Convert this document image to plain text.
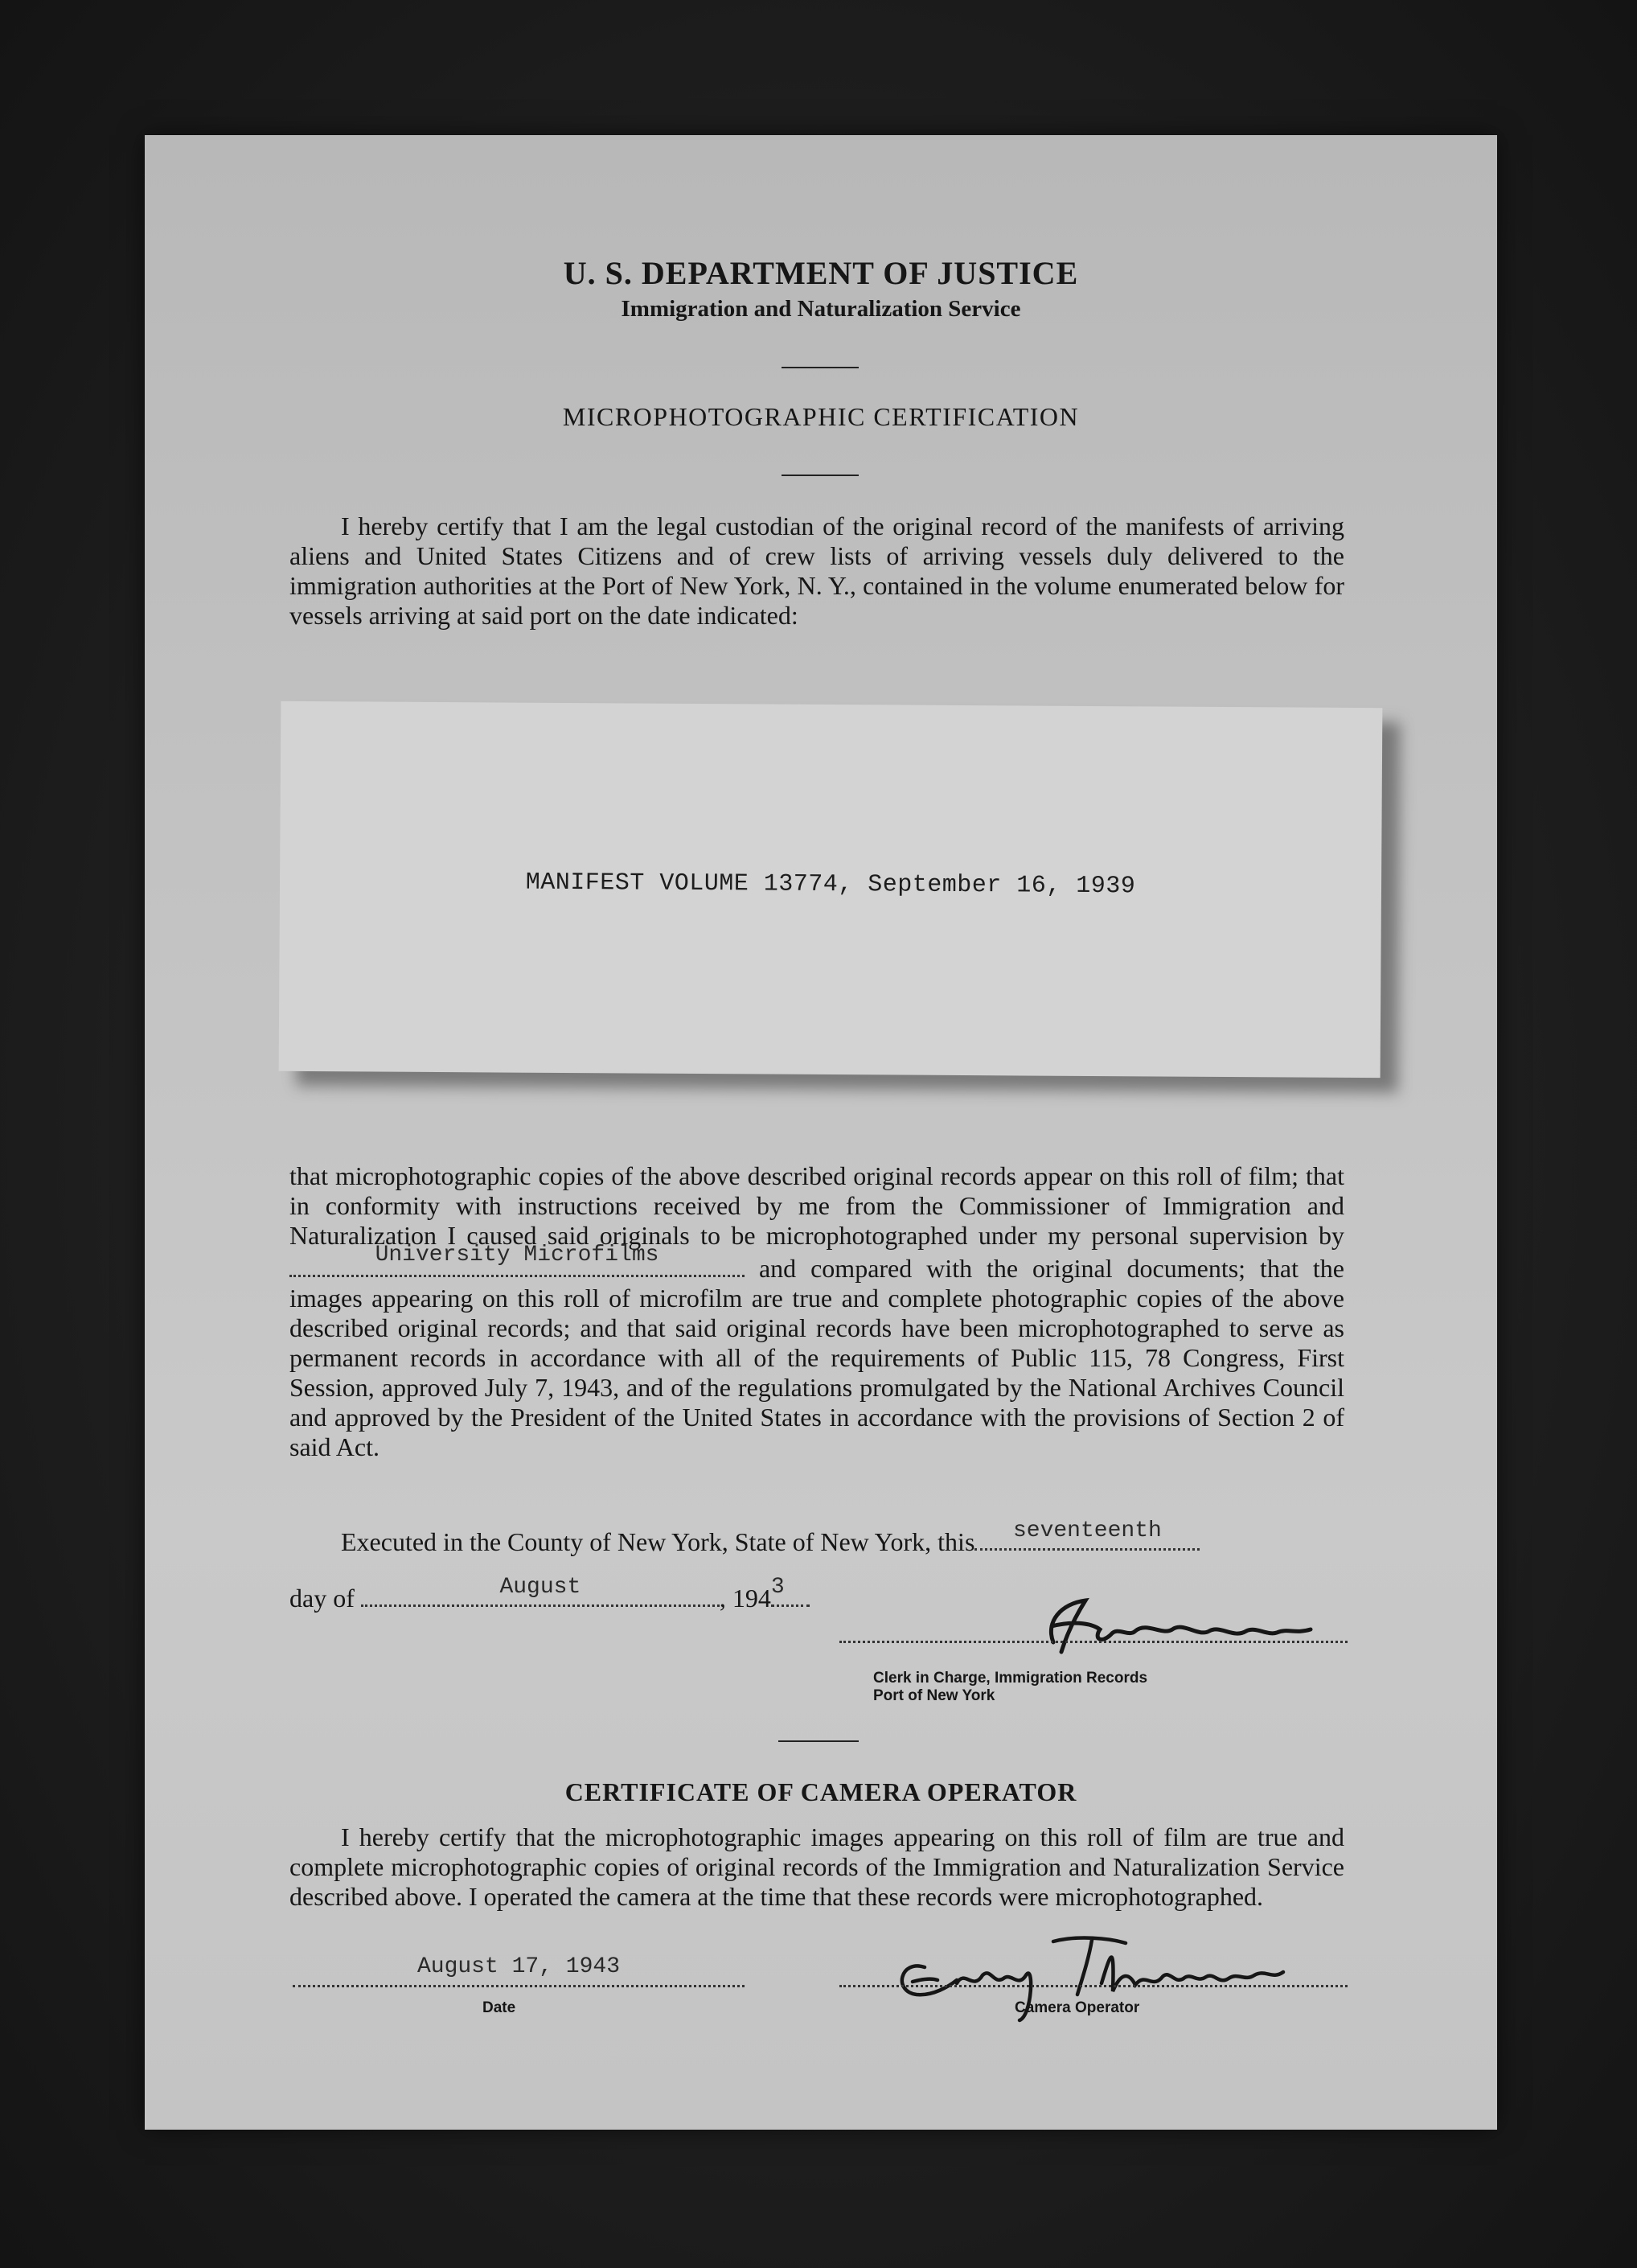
U. S. DEPARTMENT OF JUSTICE
Immigration and Naturalization Service
MICROPHOTOGRAPHIC CERTIFICATION
I hereby certify that I am the legal custodian of the original record of the manifests of arriving aliens and United States Citizens and of crew lists of arriving vessels duly delivered to the immigration authorities at the Port of New York, N. Y., contained in the volume enumerated below for vessels arriving at said port on the date indicated:
MANIFEST VOLUME 13774, September 16, 1939
that microphotographic copies of the above described original records appear on this roll of film; that in conformity with instructions received by me from the Commissioner of Immigration and Naturalization I caused said originals to be microphotographed under my personal supervision by
University Microfilms	and compared with the original documents; that the images appearing on this roll of microfilm are true and complete photographic copies of the above described original records; and that said original records have been microphotographed to serve as permanent records in accordance with all of the requirements of Public 115, 78 Congress, First Session, approved July 7, 1943, and of the regulations promulgated by the National Archives Council and approved by the President of the United States in accordance with the provisions of Section 2 of said Act.
Executed in the County of New York, State of New York, this	seventeenth
day of	August	, 194 3
Clerk in Charge, Immigration Records
Port of New York
CERTIFICATE OF CAMERA OPERATOR
I hereby certify that the microphotographic images appearing on this roll of film are true and complete microphotographic copies of original records of the Immigration and Naturalization Service described above. I operated the camera at the time that these records were microphotographed.
August 17, 1943
Date	Camera Operator
